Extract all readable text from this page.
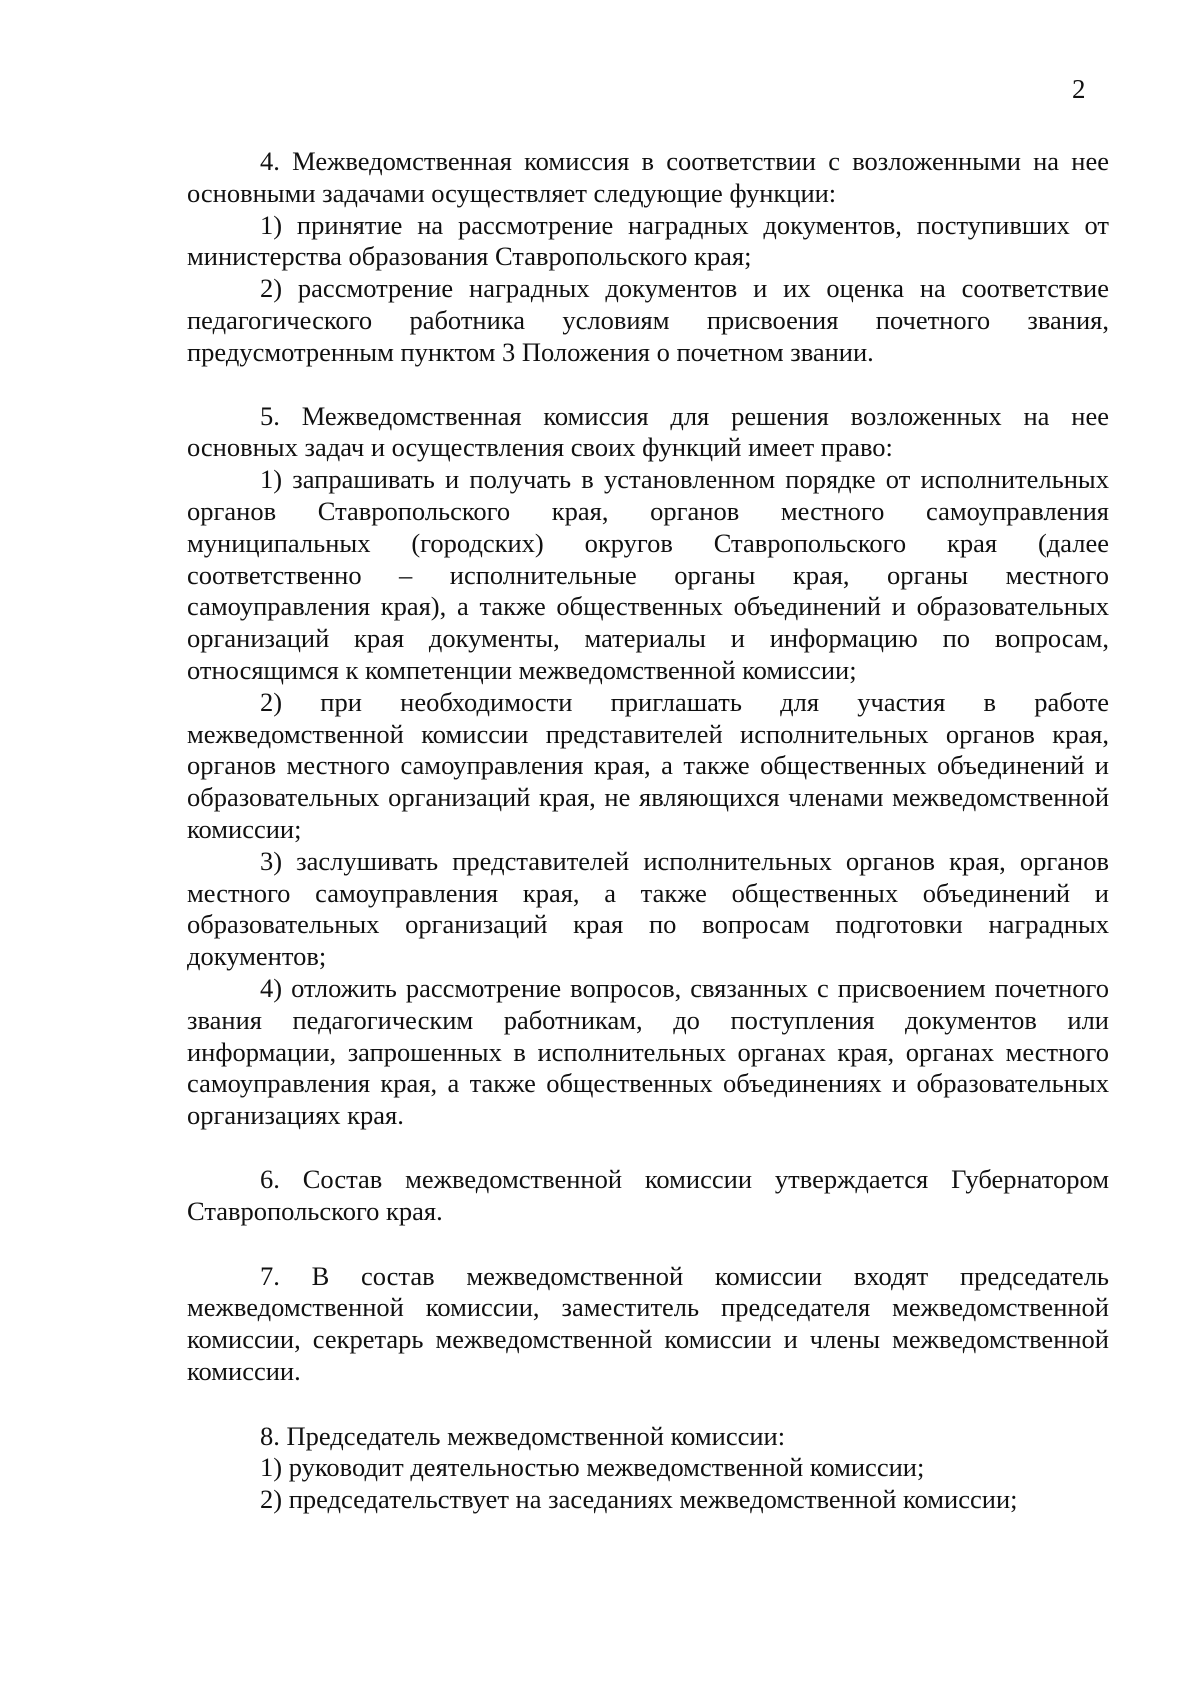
2

4. Межведомственная комиссия в соответствии с возложенными на нее основными задачами осуществляет следующие функции:

1) принятие на рассмотрение наградных документов, поступивших от министерства образования Ставропольского края;

2) рассмотрение наградных документов и их оценка на соответствие педагогического работника условиям присвоения почетного звания, предусмотренным пунктом 3 Положения о почетном звании.

5. Межведомственная комиссия для решения возложенных на нее основных задач и осуществления своих функций имеет право:

1) запрашивать и получать в установленном порядке от исполнительных органов Ставропольского края, органов местного самоуправления муниципальных (городских) округов Ставропольского края (далее соответственно – исполнительные органы края, органы местного самоуправления края), а также общественных объединений и образовательных организаций края документы, материалы и информацию по вопросам, относящимся к компетенции межведомственной комиссии;

2) при необходимости приглашать для участия в работе межведомственной комиссии представителей исполнительных органов края, органов местного самоуправления края, а также общественных объединений и образовательных организаций края, не являющихся членами межведомственной комиссии;

3) заслушивать представителей исполнительных органов края, органов местного самоуправления края, а также общественных объединений и образовательных организаций края по вопросам подготовки наградных документов;

4) отложить рассмотрение вопросов, связанных с присвоением почетного звания педагогическим работникам, до поступления документов или информации, запрошенных в исполнительных органах края, органах местного самоуправления края, а также общественных объединениях и образовательных организациях края.

6. Состав межведомственной комиссии утверждается Губернатором Ставропольского края.

7. В состав межведомственной комиссии входят председатель межведомственной комиссии, заместитель председателя межведомственной комиссии, секретарь межведомственной комиссии и члены межведомственной комиссии.

8. Председатель межведомственной комиссии:

1) руководит деятельностью межведомственной комиссии;

2) председательствует на заседаниях межведомственной комиссии;
